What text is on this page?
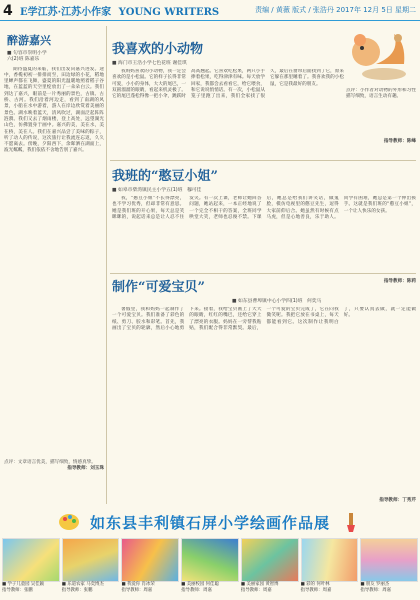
4 E学江苏·江苏小作家 YOUNG WRITERS	责编 / 黄薇 版式 / 张浩丹 2017年 12月 5日 星期二
醉游嘉兴
■ 句容市崇明小学
六(2)班 陈嘉乐
期待盛夏的来临，我们出发向嘉兴进发。途中，香榄初初一排排而至，田边绿的小花，稻地里蝉声都在飞舞，盛夏的阳光温暖地照着稻子谷地，在蓝蓝的天空里绽放出了一朵朵白云。我们到达了嘉兴，眼前是一片秀丽的景色，古镇、古桥、古河。我们沿着河边走，看到了南湖的风景，小船在水中游着，游人在岸边欣赏着美丽的景色。湖水映着蓝天，清风吹过，湖面泛起阵阵涟漪。我们又去了烟雨楼，登上高处，远望湖光山色，仿佛置身于画中。嘉兴的美，美在水，美在桥，美在人。我们在嘉兴品尝了美味的粽子，听了动人的传说，这次旅行让我流连忘返，久久不愿离去。傍晚，夕阳西下，余晖洒在湖面上，波光粼粼，我们依依不舍地告别了嘉兴。
点评：文章语言优美，描写细致，情感真挚。
指导教师：刘玉珠
我喜欢的小动物
■ 海门市王浩小学七色花班 谢佳琪
我妈妈喜欢的小动物，我一定会喜欢的是小松鼠。它的样子长得非常可爱，小小的身体，大大的尾巴，一双圆溜溜的眼睛，看起来机灵极了。它的尾巴蓬松得像一把小伞，跳跃时高高翘起。它喜欢吃松果，两只小手捧着松果，吃得津津有味。每天放学回家，我都会去看看它，给它喂食，和它说说悄悄话。有一次，小松鼠从笼子里跑了出来，我们全家找了很久，最后在窗帘后面找到了它，原来它躲在那里睡着了。我喜欢我的小松鼠，它是我最好的朋友。
点评：小作者对动物的外形和习性描写细致，语言生动有趣。
指导教师：陈峰
我班的“憨豆小姐”
■ 如皋市柴湾镇民主小学五(1)班 穆可佳
我，“憨豆小姐”不长得漂亮，也不学习优秀，但却非常有意思。她是我们班的开心果，每天总是笑眯眯的，说起话来总是让人忍不住发笑。有一次上课，老师让她回答问题，她站起来，一本正经地说了一个完全不相干的答案，全班同学哄堂大笑，老师也忍俊不禁。下课后，她总是给我们讲笑话，做鬼脸，模仿电视里的憨豆先生，逗得大家前仰后合。她虽然有时候有点马虎，但是心地善良，乐于助人。同学有困难，她总是第一个伸出援手。这就是我们班的“憨豆小姐”，一个让人快乐的女孩。
指导教师：陈莉
制作“可爱宝贝”
■ 如东县曹埠镇中心小学四(1)班 何奕马
暑假里，我和妈妈一起制作了一个可爱宝贝。我们准备了彩色的纸、剪刀、胶水和彩笔。首先，我画出了宝贝的轮廓，然后小心地剪下来。接着，我给宝贝画上了大大的眼睛，红红的嘴巴，还给它穿上了漂亮的衣服。妈妈在一旁帮我粘贴，我们配合得非常默契。最后，一个可爱的宝贝完成了，它在向我微笑呢。我把它放在书桌上，每天都能看到它。这次制作让我明白了，只要认真去做，就一定能做好。
指导教师：丁秀芹
如东县丰利镇石屏小学绘画作品展
■ 学子儿童园 吴佳颖
指导教师：张鹏
■ 乐道农家 马奕博杰
指导教师：张鹏
■ 我爱你 肖冰荣
指导教师：周嘉
■ 美丽校园 何佳聪
指导教师：周嘉
■ 美丽家园 黄智博
指导教师：周嘉
■ 彩的 何叶林
指导教师：周嘉
■ 朋友 罗丽杰
指导教师：周嘉
